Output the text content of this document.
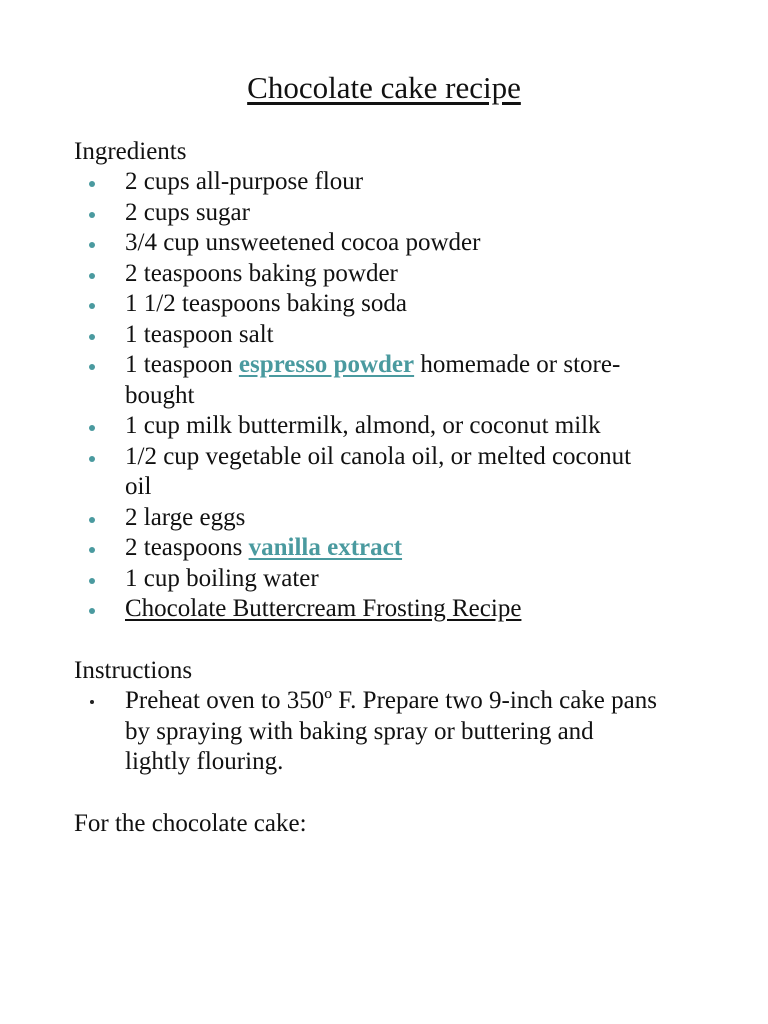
Chocolate cake recipe
Ingredients
2 cups all-purpose flour
2 cups sugar
3/4 cup unsweetened cocoa powder
2 teaspoons baking powder
1 1/2 teaspoons baking soda
1 teaspoon salt
1 teaspoon espresso powder homemade or store-bought
1 cup milk buttermilk, almond, or coconut milk
1/2 cup vegetable oil canola oil, or melted coconut oil
2 large eggs
2 teaspoons vanilla extract
1 cup boiling water
Chocolate Buttercream Frosting Recipe
Instructions
Preheat oven to 350º F. Prepare two 9-inch cake pans by spraying with baking spray or buttering and lightly flouring.
For the chocolate cake:
